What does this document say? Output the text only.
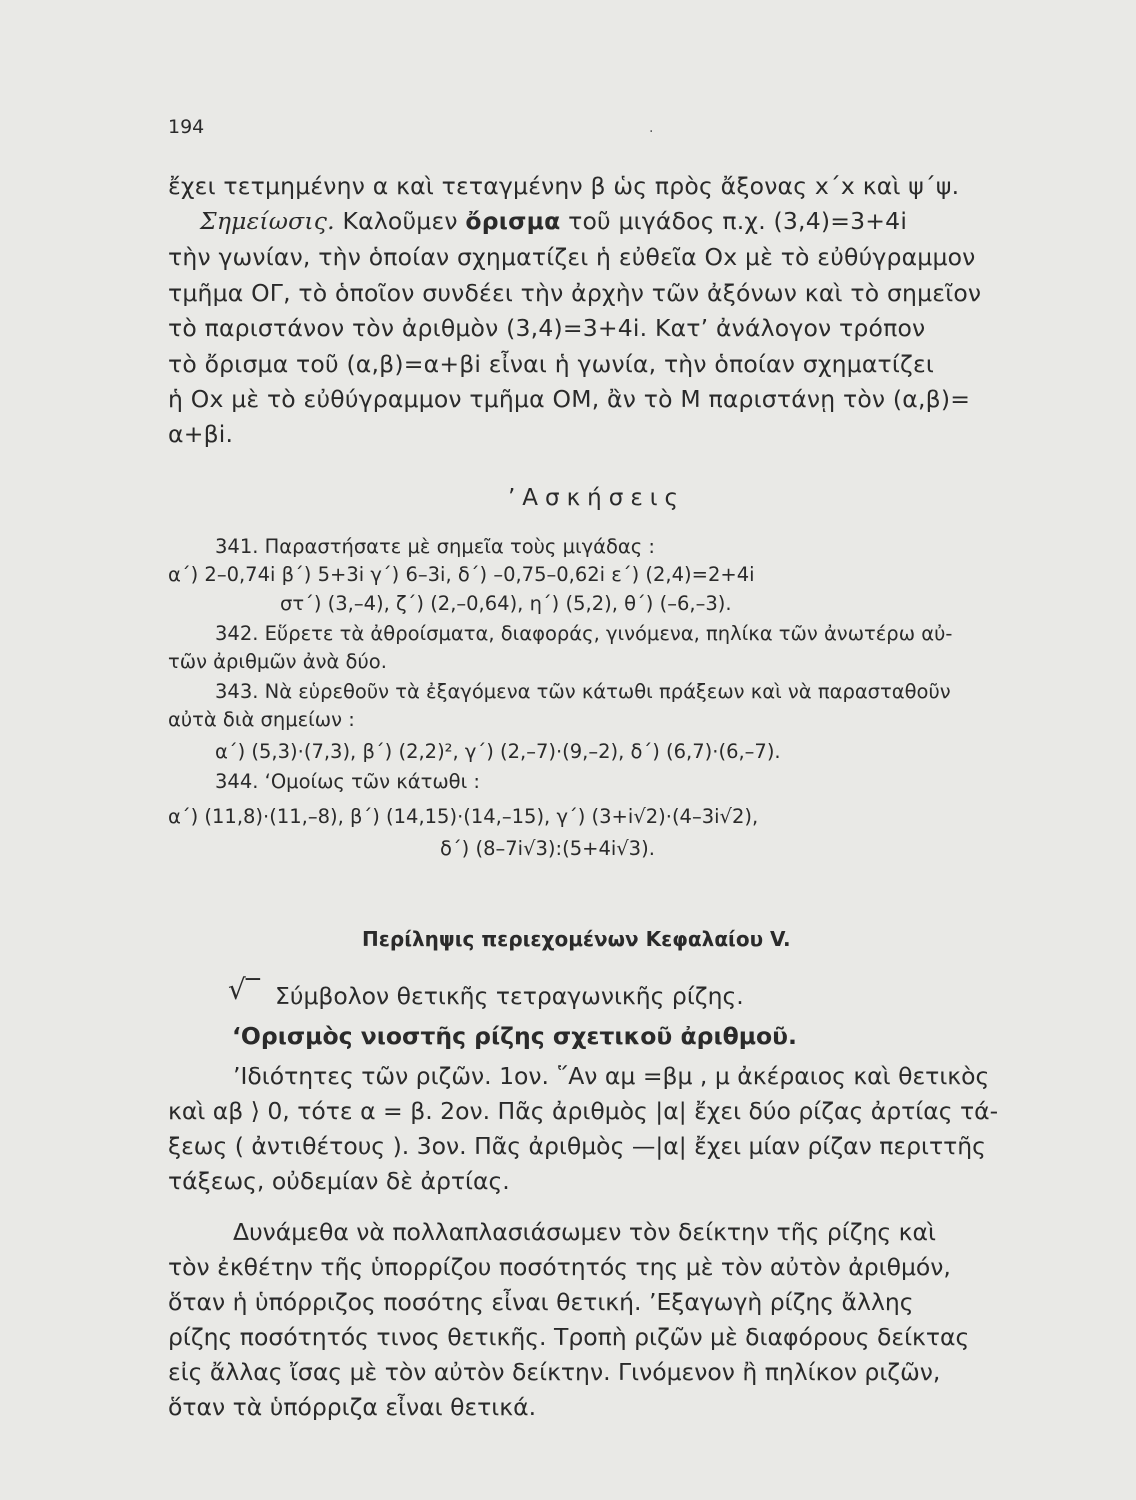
194	.
ἔχει τετμημένην α καὶ τεταγμένην β ὡς πρὸς ἄξονας x΄x καὶ ψ΄ψ.
Σημείωσις. Καλοῦμεν ὄρισμα τοῦ μιγάδος π.χ. (3,4)=3+4i
τὴν γωνίαν, τὴν ὁποίαν σχηματίζει ἡ εὐθεῖα Οx μὲ τὸ εὐθύγραμμον
τμῆμα ΟΓ, τὸ ὁποῖον συνδέει τὴν ἀρχὴν τῶν ἀξόνων καὶ τὸ σημεῖον
τὸ παριστάνον τὸν ἀριθμὸν (3,4)=3+4i. Κατ’ ἀνάλογον τρόπον
τὸ ὄρισμα τοῦ (α,β)=α+βi εἶναι ἡ γωνία, τὴν ὁποίαν σχηματίζει
ἡ Οx μὲ τὸ εὐθύγραμμον τμῆμα ΟΜ, ἂν τὸ Μ παριστάνῃ τὸν (α,β)=
α+βi.
’Ασκήσεις
341. Παραστήσατε μὲ σημεῖα τοὺς μιγάδας :
α΄) 2–0,74i β΄) 5+3i γ΄) 6–3i, δ΄) –0,75–0,62i ε΄) (2,4)=2+4i
στ΄) (3,–4), ζ΄) (2,–0,64), η΄) (5,2), θ΄) (–6,–3).
342. Εὕρετε τὰ ἀθροίσματα, διαφοράς, γινόμενα, πηλίκα τῶν ἀνωτέρω αὐ-
τῶν ἀριθμῶν ἀνὰ δύο.
343. Νὰ εὑρεθοῦν τὰ ἐξαγόμενα τῶν κάτωθι πράξεων καὶ νὰ παρασταθοῦν
αὐτὰ διὰ σημείων :
α΄) (5,3)·(7,3), β΄) (2,2)², γ΄) (2,–7)·(9,–2), δ΄) (6,7)·(6,–7).
344. ‘Ομοίως τῶν κάτωθι :
α΄) (11,8)·(11,–8), β΄) (14,15)·(14,–15), γ΄) (3+i√2)·(4–3i√2),
δ΄) (8–7i√3):(5+4i√3).
Περίληψις περιεχομένων Κεφαλαίου V.
√‾ Σύμβολον θετικῆς τετραγωνικῆς ρίζης.
‘Ορισμὸς νιοστῆς ρίζης σχετικοῦ ἀριθμοῦ.
’Ιδιότητες τῶν ριζῶν. 1ον. ῞Αν αμ =βμ , μ ἀκέραιος καὶ θετικὸς
καὶ αβ ⟩ 0, τότε α = β. 2ον. Πᾶς ἀριθμὸς |α| ἔχει δύο ρίζας ἀρτίας τά-
ξεως ( ἀντιθέτους ). 3ον. Πᾶς ἀριθμὸς —|α| ἔχει μίαν ρίζαν περιττῆς
τάξεως, οὐδεμίαν δὲ ἀρτίας.
Δυνάμεθα νὰ πολλαπλασιάσωμεν τὸν δείκτην τῆς ρίζης καὶ
τὸν ἐκθέτην τῆς ὑπορρίζου ποσότητός της μὲ τὸν αὐτὸν ἀριθμόν,
ὅταν ἡ ὑπόρριζος ποσότης εἶναι θετική. ’Εξαγωγὴ ρίζης ἄλλης
ρίζης ποσότητός τινος θετικῆς. Τροπὴ ριζῶν μὲ διαφόρους δείκτας
εἰς ἄλλας ἴσας μὲ τὸν αὐτὸν δείκτην. Γινόμενον ἢ πηλίκον ριζῶν,
ὅταν τὰ ὑπόρριζα εἶναι θετικά.
